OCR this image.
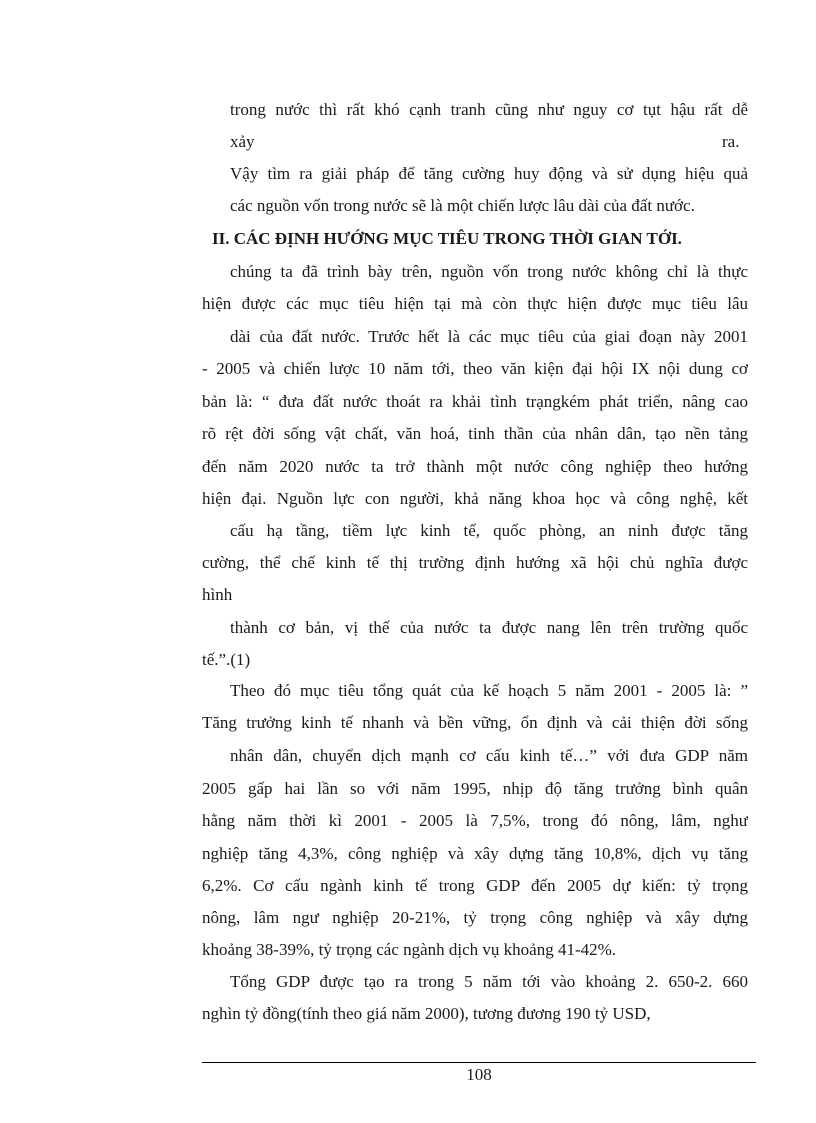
trong nước thì rất khó cạnh tranh cũng như nguy cơ tụt hậu rất dễ
xảy	ra.
Vậy tìm ra giải pháp để tăng cường huy động và sử dụng hiệu quả
các nguồn vốn trong nước sẽ là một chiến lược lâu dài của đất nước.
II. CÁC ĐỊNH HƯỚNG MỤC TIÊU TRONG THỜI GIAN TỚI.
chúng ta đã trình bày trên, nguồn vốn trong nước không chỉ là thực
hiện được các mục tiêu hiện tại mà còn thực hiện được mục tiêu lâu
dài của đất nước. Trước hết là các mục tiêu của giai đoạn này 2001
- 2005 và chiến lược 10 năm tới, theo văn kiện đại hội IX nội dung cơ
bản là: “ đưa đất nước thoát ra khải tình trạngkém phát triển, nâng cao
rõ rệt đời sống vật chất, văn hoá, tinh thần của nhân dân, tạo nền tảng
đến năm 2020 nước ta trở thành một nước công nghiệp theo hướng
hiện đại. Nguồn lực con người, khả năng khoa học và công nghệ, kết
cấu hạ tầng, tiềm lực kinh tế, quốc phòng, an ninh được tăng
cường, thể chế kinh tế thị trường định hướng xã hội chủ nghĩa được
hình
thành cơ bản, vị thế của nước ta được nang lên trên trường quốc
tế.”.(1)
Theo đó mục tiêu tổng quát của kế hoạch 5 năm 2001 - 2005 là: ”
Tăng trưởng kinh tế nhanh và bền vững, ổn định và cải thiện đời sống
nhân dân, chuyển dịch mạnh cơ cấu kinh tế…” với đưa GDP năm
2005 gấp hai lần so với năm 1995, nhịp độ tăng trưởng bình quân
hằng năm thời kì 2001 - 2005 là 7,5%, trong đó nông, lâm, nghư
nghiệp tăng 4,3%, công nghiệp và xây dựng tăng 10,8%, dịch vụ tăng
6,2%. Cơ cấu ngành kinh tế trong GDP đến 2005 dự kiến: tỷ trọng
nông, lâm ngư nghiệp 20-21%, tỷ trọng công nghiệp và xây dựng
khoảng 38-39%, tỷ trọng các ngành dịch vụ khoảng 41-42%.
Tổng GDP được tạo ra trong 5 năm tới vào khoảng 2. 650-2. 660
nghìn tỷ đồng(tính theo giá năm 2000), tương đương 190 tỷ USD,
108
